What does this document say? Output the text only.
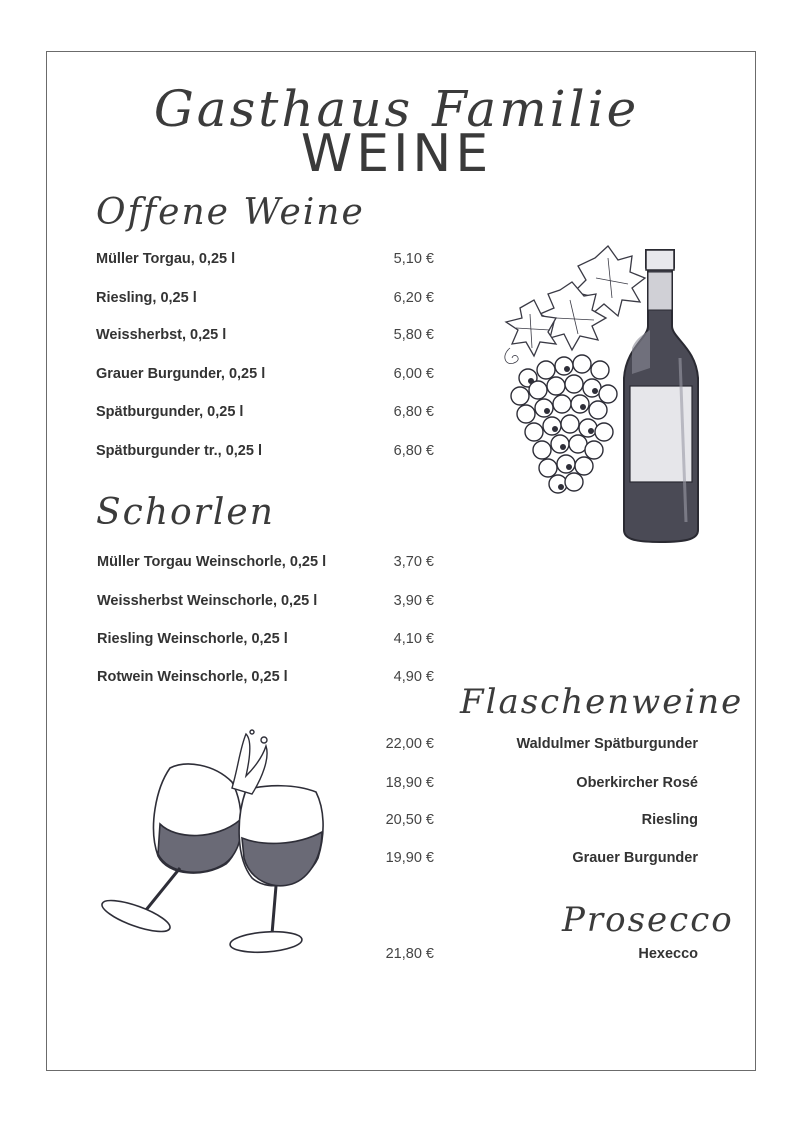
Gasthaus Familie
WEINE
Offene Weine
Müller Torgau, 0,25 l	5,10 €
Riesling, 0,25 l	6,20 €
Weissherbst, 0,25 l	5,80 €
Grauer Burgunder, 0,25 l	6,00 €
Spätburgunder, 0,25 l	6,80 €
Spätburgunder tr., 0,25 l	6,80 €
Schorlen
Müller Torgau Weinschorle, 0,25 l	3,70 €
Weissherbst Weinschorle, 0,25 l	3,90 €
Riesling Weinschorle, 0,25 l	4,10 €
Rotwein Weinschorle, 0,25 l	4,90 €
Flaschenweine
22,00 €	Waldulmer Spätburgunder
18,90 €	Oberkircher Rosé
20,50 €	Riesling
19,90 €	Grauer Burgunder
Prosecco
21,80 €	Hexecco
